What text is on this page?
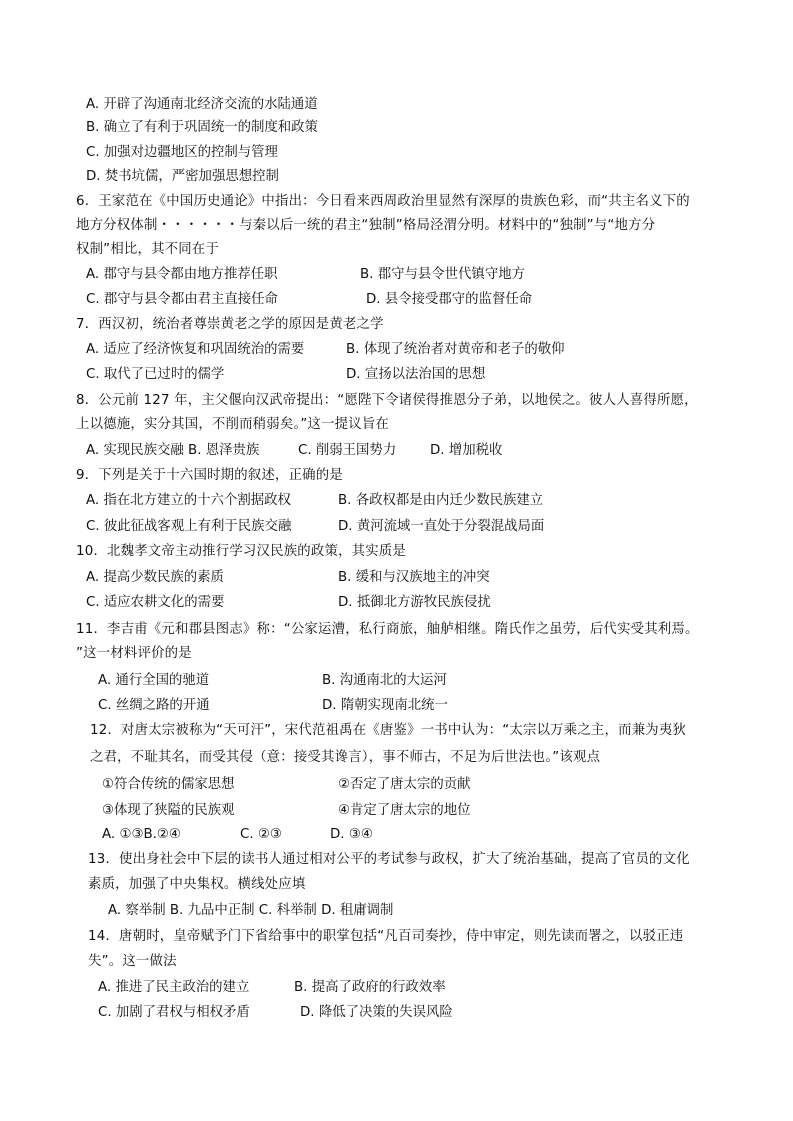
A. 开辟了沟通南北经济交流的水陆通道
B. 确立了有利于巩固统一的制度和政策
C. 加强对边疆地区的控制与管理
D. 焚书坑儒，严密加强思想控制
6．王家范在《中国历史通论》中指出：今日看来西周政治里显然有深厚的贵族色彩，而“共主名义下的
地方分权体制・・・・・・与秦以后一统的君主“独制”格局泾渭分明。材料中的“独制”与“地方分
权制”相比，其不同在于
A. 郡守与县令都由地方推荐任职	B. 郡守与县令世代镇守地方
C. 郡守与县令都由君主直接任命	D. 县令接受郡守的监督任命
7．西汉初，统治者尊崇黄老之学的原因是黄老之学
A. 适应了经济恢复和巩固统治的需要	B. 体现了统治者对黄帝和老子的敬仰
C. 取代了已过时的儒学	D. 宣扬以法治国的思想
8．公元前 127 年，主父偃向汉武帝提出：“愿陛下令诸侯得推恩分子弟，以地侯之。彼人人喜得所愿，
上以德施，实分其国，不削而稍弱矣。”这一提议旨在
A. 实现民族交融 B. 恩泽贵族	C. 削弱王国势力	D. 增加税收
9．下列是关于十六国时期的叙述，正确的是
A. 指在北方建立的十六个割据政权	B. 各政权都是由内迁少数民族建立
C. 彼此征战客观上有利于民族交融	D. 黄河流域一直处于分裂混战局面
10．北魏孝文帝主动推行学习汉民族的政策，其实质是
A. 提高少数民族的素质	B. 缓和与汉族地主的冲突
C. 适应农耕文化的需要	D. 抵御北方游牧民族侵扰
11．李吉甫《元和郡县图志》称：“公家运漕，私行商旅，舳舻相继。隋氏作之虽劳，后代实受其利焉。
”这一材料评价的是
A. 通行全国的驰道	B. 沟通南北的大运河
C. 丝绸之路的开通	D. 隋朝实现南北统一
12．对唐太宗被称为“天可汗”，宋代范祖禹在《唐鉴》一书中认为：“太宗以万乘之主，而兼为夷狄
之君，不耻其名，而受其侵（意：接受其谗言），事不师古，不足为后世法也。”该观点
①符合传统的儒家思想	②否定了唐太宗的贡献
③体现了狭隘的民族观	④肯定了唐太宗的地位
A. ①③B.②④	C. ②③	D. ③④
13．使出身社会中下层的读书人通过相对公平的考试参与政权，扩大了统治基础，提高了官员的文化
素质，加强了中央集权。横线处应填
A. 察举制 B. 九品中正制 C. 科举制 D. 租庸调制
14．唐朝时，皇帝赋予门下省给事中的职掌包括“凡百司奏抄，侍中审定，则先读而署之，以驳正违
失”。这一做法
A. 推进了民主政治的建立	B. 提高了政府的行政效率
C. 加剧了君权与相权矛盾	D. 降低了决策的失误风险
